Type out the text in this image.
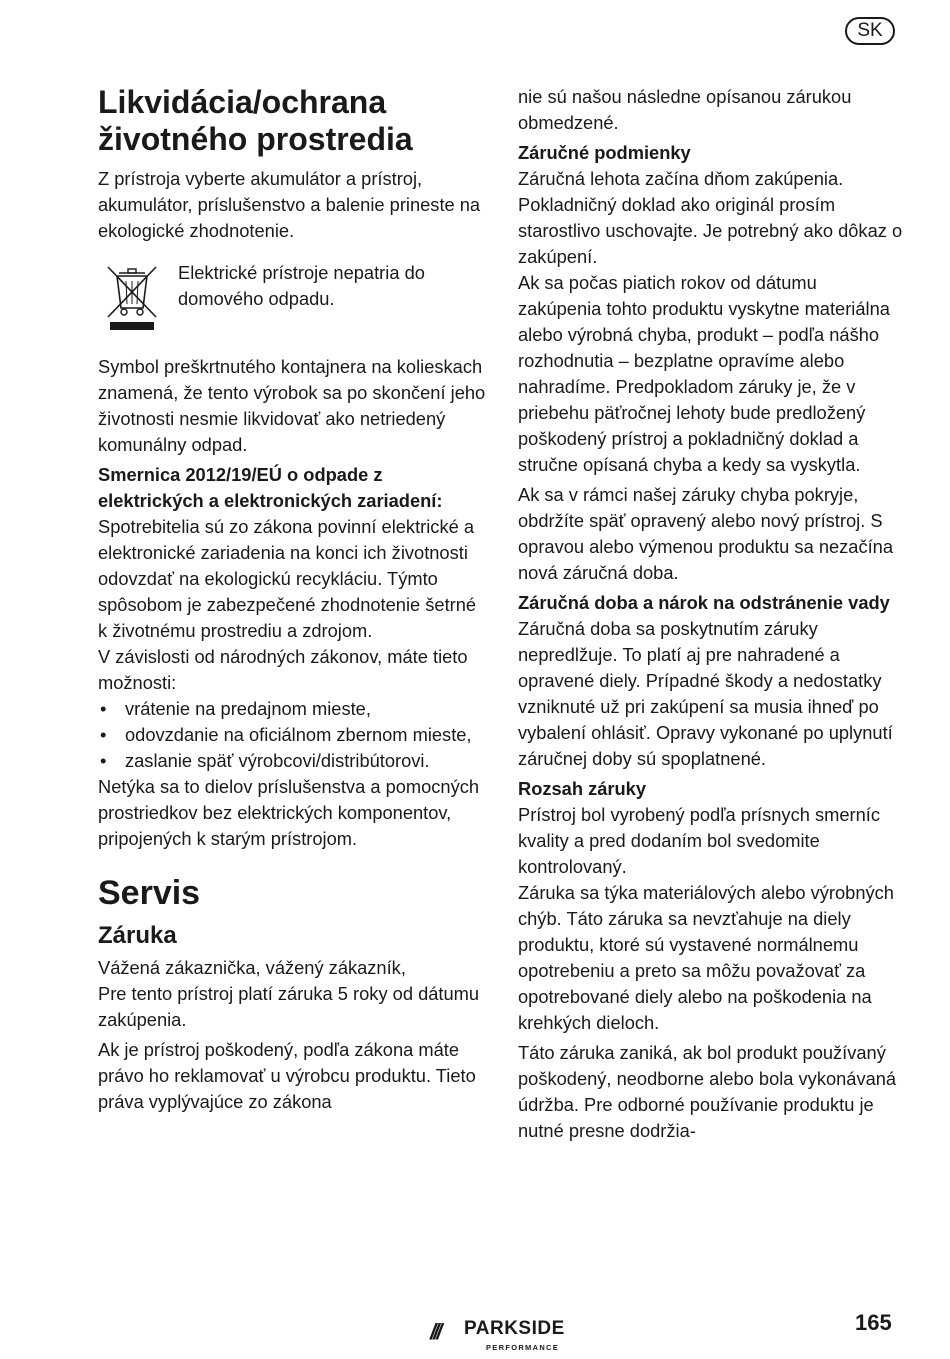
SK
Likvidácia/ochrana životného prostredia

Z prístroja vyberte akumulátor a prístroj, akumulátor, príslušenstvo a balenie prineste na ekologické zhodnotenie.

Elektrické prístroje nepatria do domového odpadu.

Symbol preškrtnutého kontajnera na kolieskach znamená, že tento výrobok sa po skončení jeho životnosti nesmie likvidovať ako netriedený komunálny odpad.

Smernica 2012/19/EÚ o odpade z elektrických a elektronických zariadení:

Spotrebitelia sú zo zákona povinní elektrické a elektronické zariadenia na konci ich životnosti odovzdať na ekologickú recykláciu. Týmto spôsobom je zabezpečené zhodnotenie šetrné k životnému prostrediu a zdrojom.

V závislosti od národných zákonov, máte tieto možnosti:

• vrátenie na predajnom mieste,
• odovzdanie na oficiálnom zbernom mieste,
• zaslanie späť výrobcovi/distribútorovi.

Netýka sa to dielov príslušenstva a pomocných prostriedkov bez elektrických komponentov, pripojených k starým prístrojom.

Servis
Záruka

Vážená zákaznička, vážený zákazník,

Pre tento prístroj platí záruka 5 roky od dátumu zakúpenia.

Ak je prístroj poškodený, podľa zákona máte právo ho reklamovať u výrobcu produktu. Tieto práva vyplývajúce zo zákona

nie sú našou následne opísanou zárukou obmedzené.

Záručné podmienky

Záručná lehota začína dňom zakúpenia. Pokladničný doklad ako originál prosím starostlivo uschovajte. Je potrebný ako dôkaz o zakúpení.

Ak sa počas piatich rokov od dátumu zakúpenia tohto produktu vyskytne materiálna alebo výrobná chyba, produkt – podľa nášho rozhodnutia – bezplatne opravíme alebo nahradíme. Predpokladom záruky je, že v priebehu päťročnej lehoty bude predložený poškodený prístroj a pokladničný doklad a stručne opísaná chyba a kedy sa vyskytla.

Ak sa v rámci našej záruky chyba pokryje, obdržíte späť opravený alebo nový prístroj. S opravou alebo výmenou produktu sa nezačína nová záručná doba.

Záručná doba a nárok na odstránenie vady

Záručná doba sa poskytnutím záruky nepredlžuje. To platí aj pre nahradené a opravené diely. Prípadné škody a nedostatky vzniknuté už pri zakúpení sa musia ihneď po vybalení ohlásiť. Opravy vykonané po uplynutí záručnej doby sú spoplatnené.

Rozsah záruky

Prístroj bol vyrobený podľa prísnych smerníc kvality a pred dodaním bol svedomite kontrolovaný.

Záruka sa týka materiálových alebo výrobných chýb. Táto záruka sa nevzťahuje na diely produktu, ktoré sú vystavené normálnemu opotrebeniu a preto sa môžu považovať za opotrebované diely alebo na poškodenia na krehkých dieloch.

Táto záruka zaniká, ak bol produkt používaný poškodený, neodborne alebo bola vykonávaná údržba. Pre odborné používanie produktu je nutné presne dodržia-

/// PARKSIDE
PERFORMANCE
165
